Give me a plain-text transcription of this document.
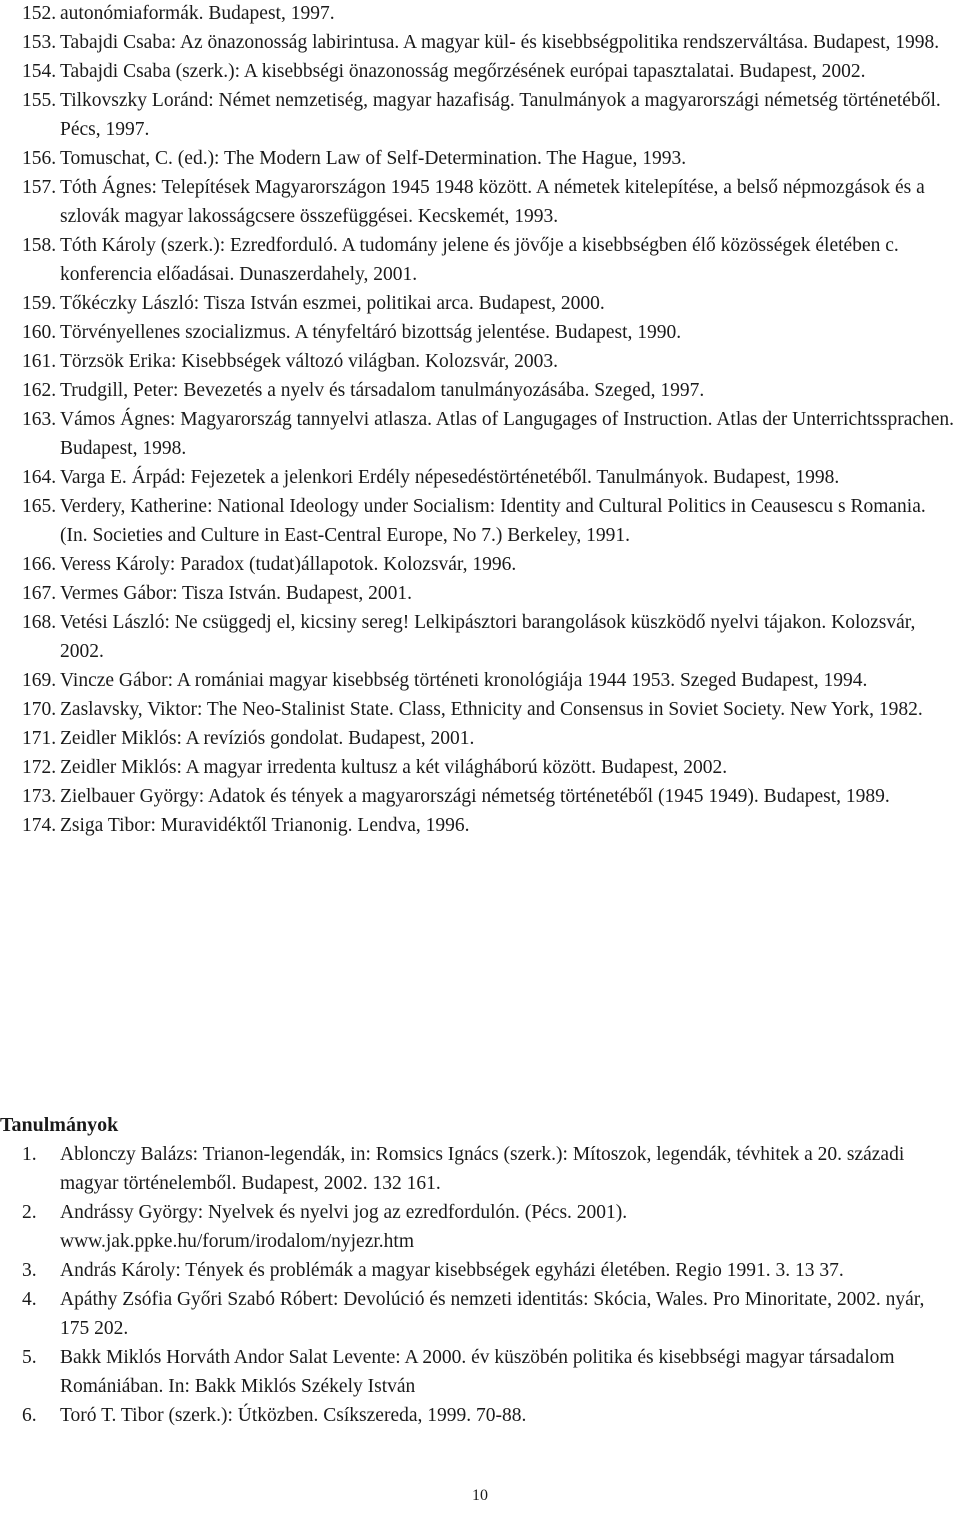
152. autonómiaformák. Budapest, 1997.
153. Tabajdi Csaba: Az önazonosság labirintusa. A magyar kül- és kisebbségpolitika rendszerváltása. Budapest, 1998.
154. Tabajdi Csaba (szerk.): A kisebbségi önazonosság megőrzésének európai tapasztalatai. Budapest, 2002.
155. Tilkovszky Loránd: Német nemzetiség, magyar hazafiság. Tanulmányok a magyarországi németség történetéből. Pécs, 1997.
156. Tomuschat, C. (ed.): The Modern Law of Self-Determination. The Hague, 1993.
157. Tóth Ágnes: Telepítések Magyarországon 1945 1948 között. A németek kitelepítése, a belső népmozgások és a szlovák magyar lakosságcsere összefüggései. Kecskemét, 1993.
158. Tóth Károly (szerk.): Ezredforduló. A tudomány jelene és jövője a kisebbségben élő közösségek életében c. konferencia előadásai. Dunaszerdahely, 2001.
159. Tőkéczky László: Tisza István eszmei, politikai arca. Budapest, 2000.
160. Törvényellenes szocializmus. A tényfeltáró bizottság jelentése. Budapest, 1990.
161. Törzsök Erika: Kisebbségek változó világban. Kolozsvár, 2003.
162. Trudgill, Peter: Bevezetés a nyelv és társadalom tanulmányozásába. Szeged, 1997.
163. Vámos Ágnes: Magyarország tannyelvi atlasza. Atlas of Langugages of Instruction. Atlas der Unterrichtssprachen. Budapest, 1998.
164. Varga E. Árpád: Fejezetek a jelenkori Erdély népesedéstörténetéből. Tanulmányok. Budapest, 1998.
165. Verdery, Katherine: National Ideology under Socialism: Identity and Cultural Politics in Ceausescu s Romania. (In. Societies and Culture in East-Central Europe, No 7.) Berkeley, 1991.
166. Veress Károly: Paradox (tudat)állapotok. Kolozsvár, 1996.
167. Vermes Gábor: Tisza István. Budapest, 2001.
168. Vetési László: Ne csüggedj el, kicsiny sereg! Lelkipásztori barangolások küszködő nyelvi tájakon. Kolozsvár, 2002.
169. Vincze Gábor: A romániai magyar kisebbség történeti kronológiája 1944 1953. Szeged Budapest, 1994.
170. Zaslavsky, Viktor: The Neo-Stalinist State. Class, Ethnicity and Consensus in Soviet Society. New York, 1982.
171. Zeidler Miklós: A revíziós gondolat. Budapest, 2001.
172. Zeidler Miklós: A magyar irredenta kultusz a két világháború között. Budapest, 2002.
173. Zielbauer György: Adatok és tények a magyarországi németség történetéből (1945 1949). Budapest, 1989.
174. Zsiga Tibor: Muravidéktől Trianonig. Lendva, 1996.
Tanulmányok
1.	Ablonczy Balázs: Trianon-legendák, in: Romsics Ignács (szerk.): Mítoszok, legendák, tévhitek a 20. századi magyar történelemből. Budapest, 2002. 132 161.
2.	Andrássy György: Nyelvek és nyelvi jog az ezredfordulón. (Pécs. 2001). www.jak.ppke.hu/forum/irodalom/nyjezr.htm
3.	András Károly: Tények és problémák a magyar kisebbségek egyházi életében. Regio 1991. 3. 13 37.
4.	Apáthy Zsófia Győri Szabó Róbert: Devolúció és nemzeti identitás: Skócia, Wales. Pro Minoritate, 2002. nyár, 175 202.
5.	Bakk Miklós Horváth Andor Salat Levente: A 2000. év küszöbén politika és kisebbségi magyar társadalom Romániában. In: Bakk Miklós Székely István
6.	Toró T. Tibor (szerk.): Útközben. Csíkszereda, 1999. 70-88.
10
